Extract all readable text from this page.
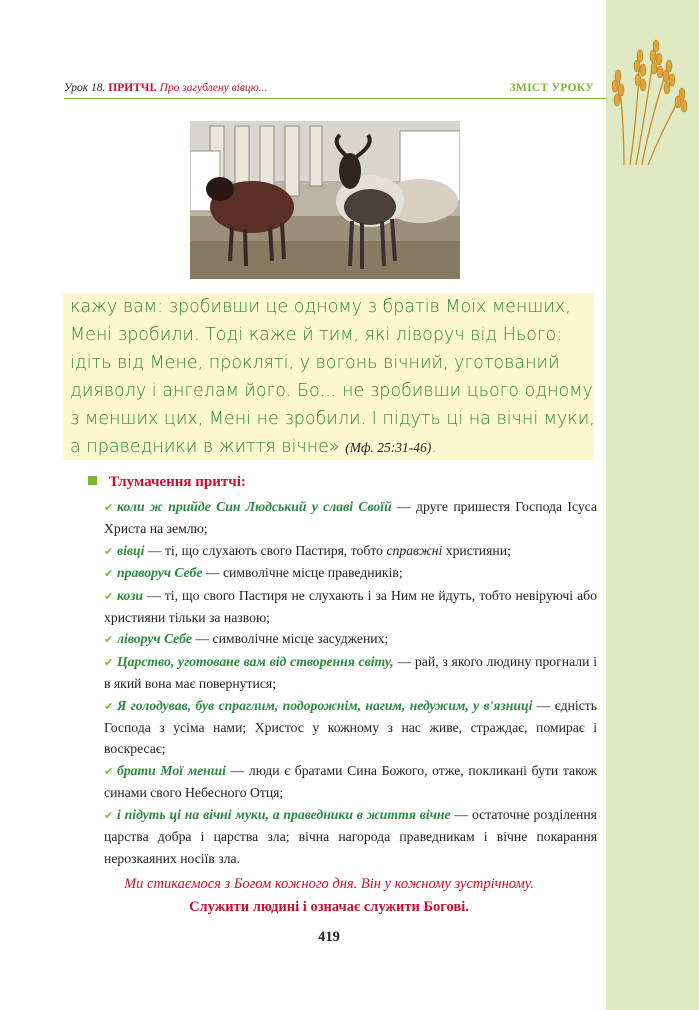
Урок 18. ПРИТЧІ. Про загублену вівцю...	ЗМІСТ УРОКУ
кажу вам: зробивши це одному з братів Моїх менших,
Мені зробили. Тоді каже й тим, які ліворуч від Нього:
ідіть від Мене, прокляті, у вогонь вічний, уготований
дияволу і ангелам його. Бо... не зробивши цього одному
з менших цих, Мені не зробили. І підуть ці на вічні муки,
а праведники в життя вічне» (Мф. 25:31-46).
Тлумачення притчі:

✔ коли ж прийде Син Людський у славі Своїй — друге пришестя Господа Ісуса Христа на землю;

✔ вівці — ті, що слухають свого Пастиря, тобто справжні християни;

✔ праворуч Себе — символічне місце праведників;

✔ кози — ті, що свого Пастиря не слухають і за Ним не йдуть, тобто невіруючі або християни тільки за назвою;

✔ ліворуч Себе — символічне місце засуджених;

✔ Царство, уготоване вам від створення світу, — рай, з якого людину прогнали і в який вона має повернутися;

✔ Я голодував, був спраглим, подорожнім, нагим, недужим, у в'язниці — єдність Господа з усіма нами; Христос у кожному з нас живе, страждає, помирає і воскресає;

✔ брати Мої менші — люди є братами Сина Божого, отже, покликані бути також синами свого Небесного Отця;

✔ і підуть ці на вічні муки, а праведники в життя вічне — остаточне розділення царства добра і царства зла; вічна нагорода праведникам і вічне покарання нерозкаяних носіїв зла.

Ми стикаємося з Богом кожного дня. Він у кожному зустрічному.
Служити людині і означає служити Богові.
419
